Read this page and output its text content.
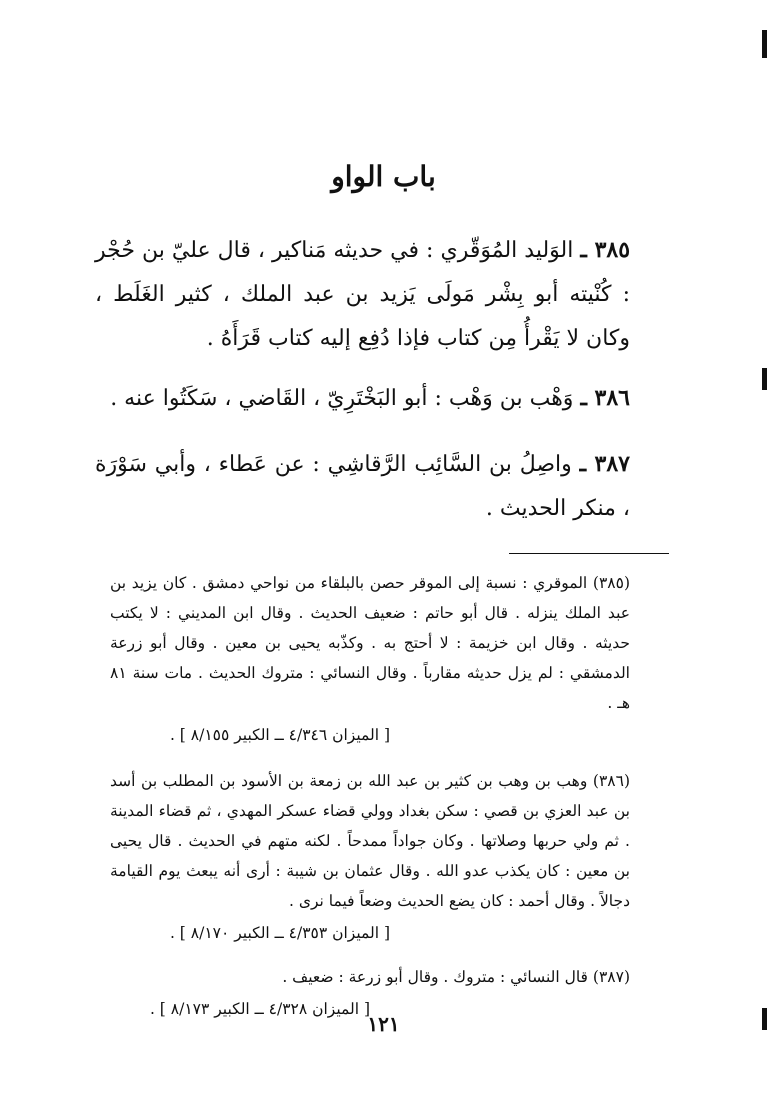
باب الواو
٣٨٥ ـ الوَليد المُوَقّري : في حديثه مَناكير ، قال عليّ بن حُجْر : كُنْيته أبو بِشْر مَولَى يَزيد بن عبد الملك ، كثير الغَلَط ، وكان لا يَقْرأُ مِن كتاب فإذا دُفِع إليه كتاب قَرَأَهُ .
٣٨٦ ـ وَهْب بن وَهْب : أبو البَخْتَرِيّ ، القَاضي ، سَكَتُوا عنه .
٣٨٧ ـ واصِلُ بن السَّائِب الرَّقاشِي : عن عَطاء ، وأبي سَوْرَة ، منكر الحديث .

(٣٨٥) الموقري : نسبة إلى الموقر حصن بالبلقاء من نواحي دمشق . كان يزيد بن عبد الملك ينزله . قال أبو حاتم : ضعيف الحديث . وقال ابن المديني : لا يكتب حديثه . وقال ابن خزيمة : لا أحتج به . وكذّبه يحيى بن معين . وقال أبو زرعة الدمشقي : لم يزل حديثه مقارباً . وقال النسائي : متروك الحديث . مات سنة ٨١ هـ .

[ الميزان ٤/٣٤٦ ــ الكبير ٨/١٥٥ ] .

(٣٨٦) وهب بن وهب بن كثير بن عبد الله بن زمعة بن الأسود بن المطلب بن أسد بن عبد العزي بن قصي : سكن بغداد وولي قضاء عسكر المهدي ، ثم قضاء المدينة . ثم ولي حربها وصلاتها . وكان جواداً ممدحاً . لكنه متهم في الحديث . قال يحيى بن معين : كان يكذب عدو الله . وقال عثمان بن شيبة : أرى أنه يبعث يوم القيامة دجالاً . وقال أحمد : كان يضع الحديث وضعاً فيما نرى .

[ الميزان ٤/٣٥٣ ــ الكبير ٨/١٧٠ ] .

(٣٨٧) قال النسائي : متروك . وقال أبو زرعة : ضعيف .

[ الميزان ٤/٣٢٨ ــ الكبير ٨/١٧٣ ] .

١٢١
